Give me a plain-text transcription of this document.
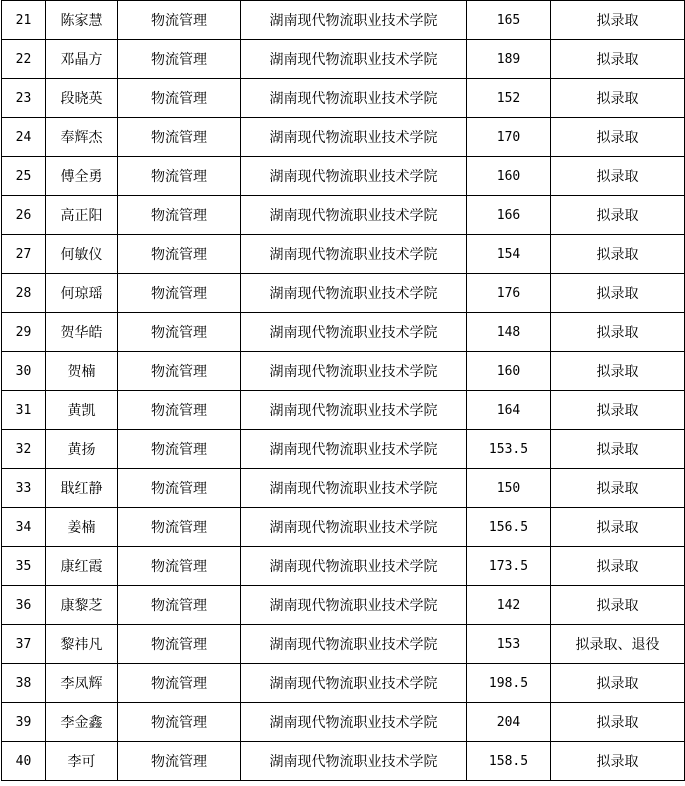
21	陈家慧	物流管理	湖南现代物流职业技术学院	165	拟录取
22	邓晶方	物流管理	湖南现代物流职业技术学院	189	拟录取
23	段晓英	物流管理	湖南现代物流职业技术学院	152	拟录取
24	奉辉杰	物流管理	湖南现代物流职业技术学院	170	拟录取
25	傅全勇	物流管理	湖南现代物流职业技术学院	160	拟录取
26	高正阳	物流管理	湖南现代物流职业技术学院	166	拟录取
27	何敏仪	物流管理	湖南现代物流职业技术学院	154	拟录取
28	何琼瑶	物流管理	湖南现代物流职业技术学院	176	拟录取
29	贺华皓	物流管理	湖南现代物流职业技术学院	148	拟录取
30	贺楠	物流管理	湖南现代物流职业技术学院	160	拟录取
31	黄凯	物流管理	湖南现代物流职业技术学院	164	拟录取
32	黄扬	物流管理	湖南现代物流职业技术学院	153.5	拟录取
33	戢红静	物流管理	湖南现代物流职业技术学院	150	拟录取
34	姜楠	物流管理	湖南现代物流职业技术学院	156.5	拟录取
35	康红霞	物流管理	湖南现代物流职业技术学院	173.5	拟录取
36	康黎芝	物流管理	湖南现代物流职业技术学院	142	拟录取
37	黎祎凡	物流管理	湖南现代物流职业技术学院	153	拟录取、退役
38	李凤辉	物流管理	湖南现代物流职业技术学院	198.5	拟录取
39	李金鑫	物流管理	湖南现代物流职业技术学院	204	拟录取
40	李可	物流管理	湖南现代物流职业技术学院	158.5	拟录取
